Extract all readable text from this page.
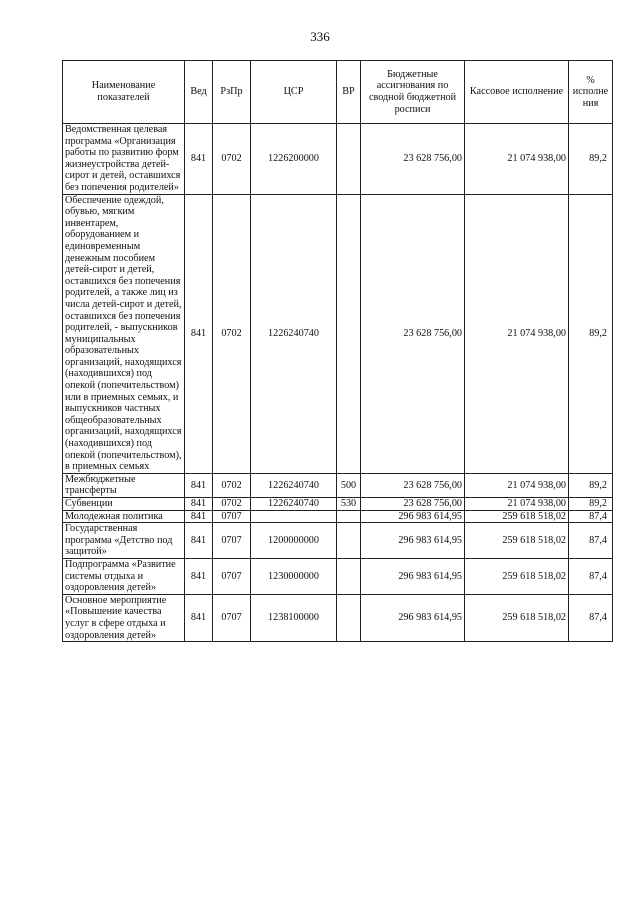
336
Наименование показателей	Вед	РзПр	ЦСР	ВР	Бюджетные ассигнования по сводной бюджетной росписи	Кассовое исполнение	% исполне ния
Ведомственная целевая программа «Организация работы по развитию форм жизнеустройства детей-сирот и детей, оставшихся без попечения родителей»	841	0702	1226200000		23 628 756,00	21 074 938,00	89,2
Обеспечение одеждой, обувью, мягким инвентарем, оборудованием и единовременным денежным пособием детей-сирот и детей, оставшихся без попечения родителей, а также лиц из числа детей-сирот и детей, оставшихся без попечения родителей, - выпускников муниципальных образовательных организаций, находящихся (находившихся) под опекой (попечительством) или в приемных семьях, и выпускников частных общеобразовательных организаций, находящихся (находившихся) под опекой (попечительством), в приемных семьях	841	0702	1226240740		23 628 756,00	21 074 938,00	89,2
Межбюджетные трансферты	841	0702	1226240740	500	23 628 756,00	21 074 938,00	89,2
Субвенции	841	0702	1226240740	530	23 628 756,00	21 074 938,00	89,2
Молодежная политика	841	0707			296 983 614,95	259 618 518,02	87,4
Государственная программа «Детство под защитой»	841	0707	1200000000		296 983 614,95	259 618 518,02	87,4
Подпрограмма «Развитие системы отдыха и оздоровления детей»	841	0707	1230000000		296 983 614,95	259 618 518,02	87,4
Основное мероприятие «Повышение качества услуг в сфере отдыха и оздоровления детей»	841	0707	1238100000		296 983 614,95	259 618 518,02	87,4
